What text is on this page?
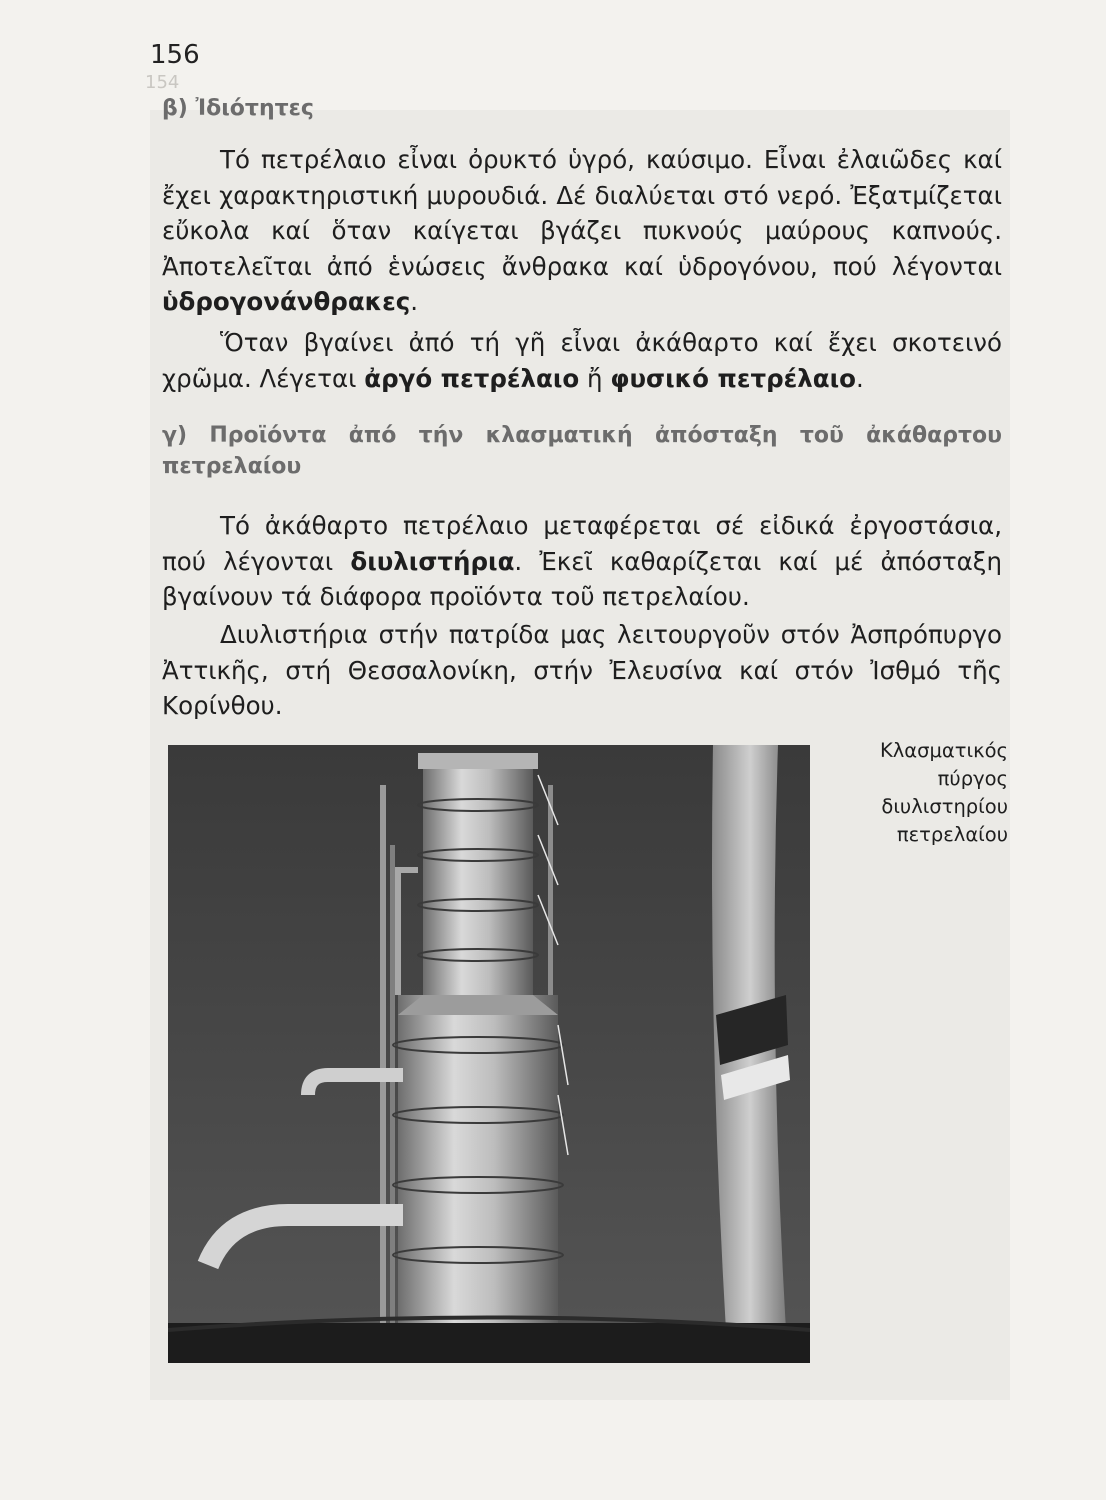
156
154
β) Ἰδιότητες

Τό πετρέλαιο εἶναι ὀρυκτό ὑγρό, καύσιμο. Εἶναι ἐλαιῶδες καί ἔχει χαρακτηριστική μυρουδιά. Δέ διαλύεται στό νερό. Ἐξατμίζεται εὔκολα καί ὅταν καίγεται βγάζει πυκνούς μαύρους καπνούς. Ἀποτελεῖται ἀπό ἑνώσεις ἄνθρακα καί ὑδρογόνου, πού λέγονται ὑδρογονάνθρακες.

Ὅταν βγαίνει ἀπό τή γῆ εἶναι ἀκάθαρτο καί ἔχει σκοτεινό χρῶμα. Λέγεται ἀργό πετρέλαιο ἤ φυσικό πετρέλαιο.

γ) Προϊόντα ἀπό τήν κλασματική ἀπόσταξη τοῦ ἀκάθαρτου πετρελαίου

Τό ἀκάθαρτο πετρέλαιο μεταφέρεται σέ εἰδικά ἐργοστάσια, πού λέγονται διυλιστήρια. Ἐκεῖ καθαρίζεται καί μέ ἀπόσταξη βγαίνουν τά διάφορα προϊόντα τοῦ πετρελαίου.

Διυλιστήρια στήν πατρίδα μας λειτουργοῦν στόν Ἀσπρόπυργο Ἀττικῆς, στή Θεσσαλονίκη, στήν Ἐλευσίνα καί στόν Ἰσθμό τῆς Κορίνθου.

Κλασματικός πύργος διυλιστηρίου πετρελαίου
